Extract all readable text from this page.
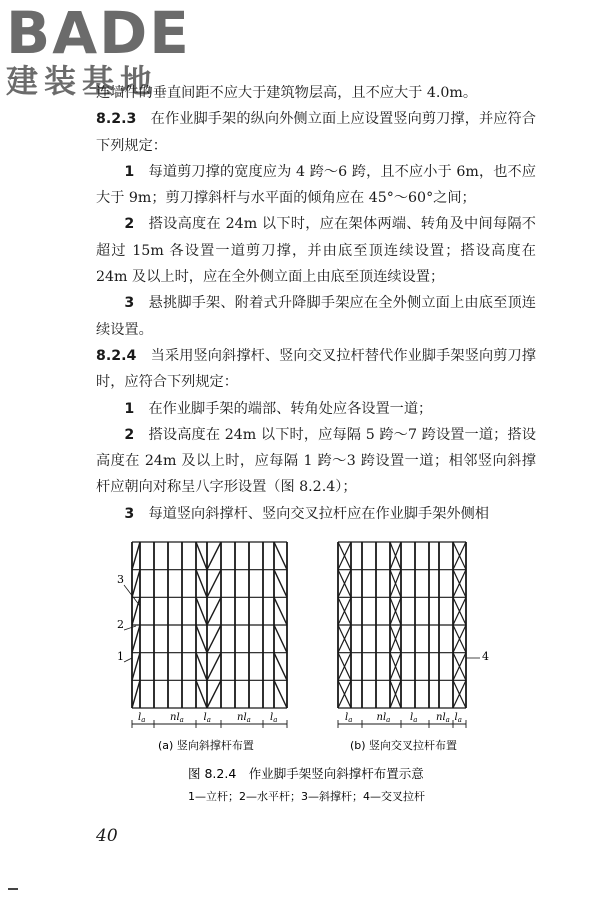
BADE
建装基地

连墙件的垂直间距不应大于建筑物层高，且不应大于 4.0m。

8.2.3  在作业脚手架的纵向外侧立面上应设置竖向剪刀撑，并应符合下列规定：

1  每道剪刀撑的宽度应为 4 跨～6 跨，且不应小于 6m，也不应大于 9m；剪刀撑斜杆与水平面的倾角应在 45°～60°之间；

2  搭设高度在 24m 以下时，应在架体两端、转角及中间每隔不超过 15m 各设置一道剪刀撑，并由底至顶连续设置；搭设高度在 24m 及以上时，应在全外侧立面上由底至顶连续设置；

3  悬挑脚手架、附着式升降脚手架应在全外侧立面上由底至顶连续设置。

8.2.4  当采用竖向斜撑杆、竖向交叉拉杆替代作业脚手架竖向剪刀撑时，应符合下列规定：

1  在作业脚手架的端部、转角处应各设置一道；

2  搭设高度在 24m 以下时，应每隔 5 跨～7 跨设置一道；搭设高度在 24m 及以上时，应每隔 1 跨～3 跨设置一道；相邻竖向斜撑杆应朝向对称呈八字形设置（图 8.2.4）；

3  每道竖向斜撑杆、竖向交叉拉杆应在作业脚手架外侧相

$l_a$ $nl_a$ $l_a$	$nl_a$ $l_a$	$l_a$ $nl_a$ $l_a$ $nl_a$ $l_a$
3
2
1	4
(a) 竖向斜撑杆布置	(b) 竖向交叉拉杆布置
图 8.2.4　作业脚手架竖向斜撑杆布置示意
1—立杆；2—水平杆；3—斜撑杆；4—交叉拉杆
40
